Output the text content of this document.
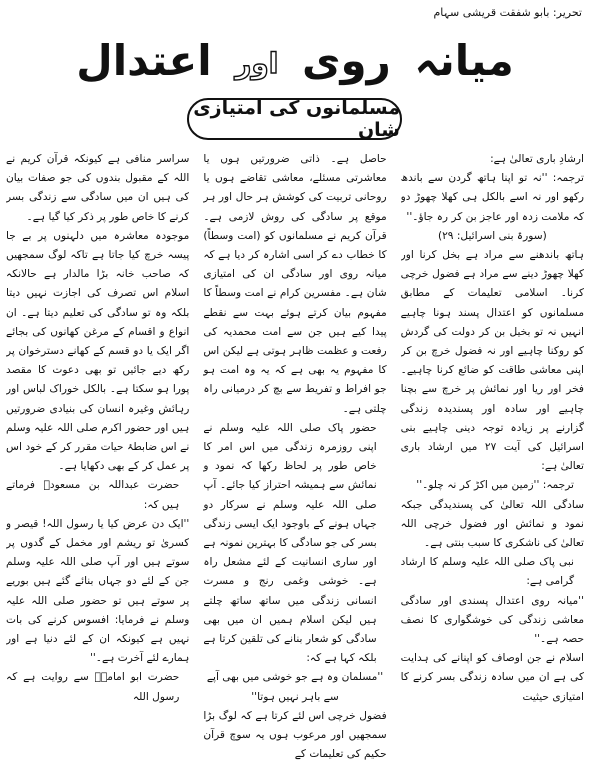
تحریر: بابو شفقت قریشی سہام
میانہ روی اور اعتدال
مسلمانوں کی امتیازی شان

ارشادِ باری تعالیٰ ہے:

ترجمہ: ''نہ تو اپنا ہاتھ گردن سے باندھ رکھو اور نہ اسے بالکل ہی کھلا چھوڑ دو کہ ملامت زدہ اور عاجز بن کر رہ جاؤ۔''

(سورۃ بنی اسرائیل: ۲۹)

ہاتھ باندھنے سے مراد ہے بخل کرنا اور کھلا چھوڑ دینے سے مراد ہے فضول خرچی کرنا۔ اسلامی تعلیمات کے مطابق مسلمانوں کو اعتدال پسند ہونا چاہیے انہیں نہ تو بخیل بن کر دولت کی گردش کو روکنا چاہیے اور نہ فضول خرچ بن کر اپنی معاشی طاقت کو ضائع کرنا چاہیے۔ فخر اور ریا اور نمائش پر خرچ سے بچنا چاہیے اور سادہ اور پسندیدہ زندگی گزارنے پر زیادہ توجہ دینی چاہیے بنی اسرائیل کی آیت ۲۷ میں ارشاد باری تعالیٰ ہے:

ترجمہ: ''زمین میں اکڑ کر نہ چلو۔''

سادگی اللہ تعالیٰ کی پسندیدگی جبکہ نمود و نمائش اور فضول خرچی اللہ تعالیٰ کی ناشکری کا سبب بنتی ہے۔

نبی پاک صلی اللہ علیہ وسلم کا ارشاد گرامی ہے:

''میانہ روی اعتدال پسندی اور سادگی معاشی زندگی کی خوشگواری کا نصف حصہ ہے۔''

اسلام نے جن اوصاف کو اپنانے کی ہدایت کی ہے ان میں سادہ زندگی بسر کرنے کا امتیازی حیثیت

حاصل ہے۔ ذاتی ضرورتیں ہوں یا معاشرتی مسئلے، معاشی تقاضے ہوں یا روحانی تربیت کی کوشش ہر حال اور ہر موقع پر سادگی کی روش لازمی ہے۔ قرآن کریم نے مسلمانوں کو (امت وسطاً) کا خطاب دے کر اسی اشارہ کر دیا ہے کہ میانہ روی اور سادگی ان کی امتیازی شان ہے۔ مفسرین کرام نے امت وسطاً کا مفہوم بیان کرتے ہوئے بہت سے نقطے پیدا کیے ہیں جن سے امت محمدیہ کی رفعت و عظمت ظاہر ہوتی ہے لیکن اس کا مفہوم یہ بھی ہے کہ یہ وہ امت ہو جو افراط و تفریط سے بچ کر درمیانی راہ چلتی ہے۔

حضور پاک صلی اللہ علیہ وسلم نے اپنی روزمرہ زندگی میں اس امر کا خاص طور پر لحاظ رکھا کہ نمود و نمائش سے ہمیشہ احتراز کیا جائے۔ آپ صلی اللہ علیہ وسلم نے سرکار دو جہاں ہونے کے باوجود ایک ایسی زندگی بسر کی جو سادگی کا بہترین نمونہ ہے اور ساری انسانیت کے لئے مشعل راہ ہے۔ خوشی وغمی رنج و مسرت انسانی زندگی میں ساتھ ساتھ چلتے ہیں لیکن اسلام ہمیں ان میں بھی سادگی کو شعار بنانے کی تلقین کرتا ہے بلکہ کہا ہے کہ:

''مسلمان وہ ہے جو خوشی میں بھی آپے سے باہر نہیں ہوتا''

فضول خرچی اس لئے کرتا ہے کہ لوگ بڑا سمجھیں اور مرعوب ہوں یہ سوچ قرآن حکیم کی تعلیمات کے

سراسر منافی ہے کیونکہ قرآن کریم نے اللہ کے مقبول بندوں کی جو صفات بیان کی ہیں ان میں سادگی سے زندگی بسر کرنے کا خاص طور پر ذکر کیا گیا ہے۔

موجودہ معاشرہ میں دلہنوں پر بے جا پیسہ خرچ کیا جاتا ہے تاکہ لوگ سمجھیں کہ صاحب خانہ بڑا مالدار ہے حالانکہ اسلام اس تصرف کی اجازت نہیں دیتا بلکہ وہ تو سادگی کی تعلیم دیتا ہے۔ ان انواع و اقسام کے مرغن کھانوں کی بجائے اگر ایک یا دو قسم کے کھانے دسترخوان پر رکھ دیے جائیں تو بھی دعوت کا مقصد پورا ہو سکتا ہے۔ بالکل خوراک لباس اور رہائش وغیرہ انسان کی بنیادی ضرورتیں ہیں اور حضور اکرم صلی اللہ علیہ وسلم نے اس ضابطۂ حیات مقرر کر کے خود اس پر عمل کر کے بھی دکھایا ہے۔

حضرت عبداللہ بن مسعودؓ فرماتے ہیں کہ:

''ایک دن عرض کیا یا رسول اللہ! قیصر و کسریٰ تو ریشم اور مخمل کے گدوں پر سوتے ہیں اور آپ صلی اللہ علیہ وسلم جن کے لئے دو جہاں بنائے گئے ہیں بوریے پر سوتے ہیں تو حضور صلی اللہ علیہ وسلم نے فرمایا: افسوس کرنے کی بات نہیں ہے کیونکہ ان کے لئے دنیا ہے اور ہمارے لئے آخرت ہے۔''

حضرت ابو امامہؓ سے روایت ہے کہ رسول اللہ
